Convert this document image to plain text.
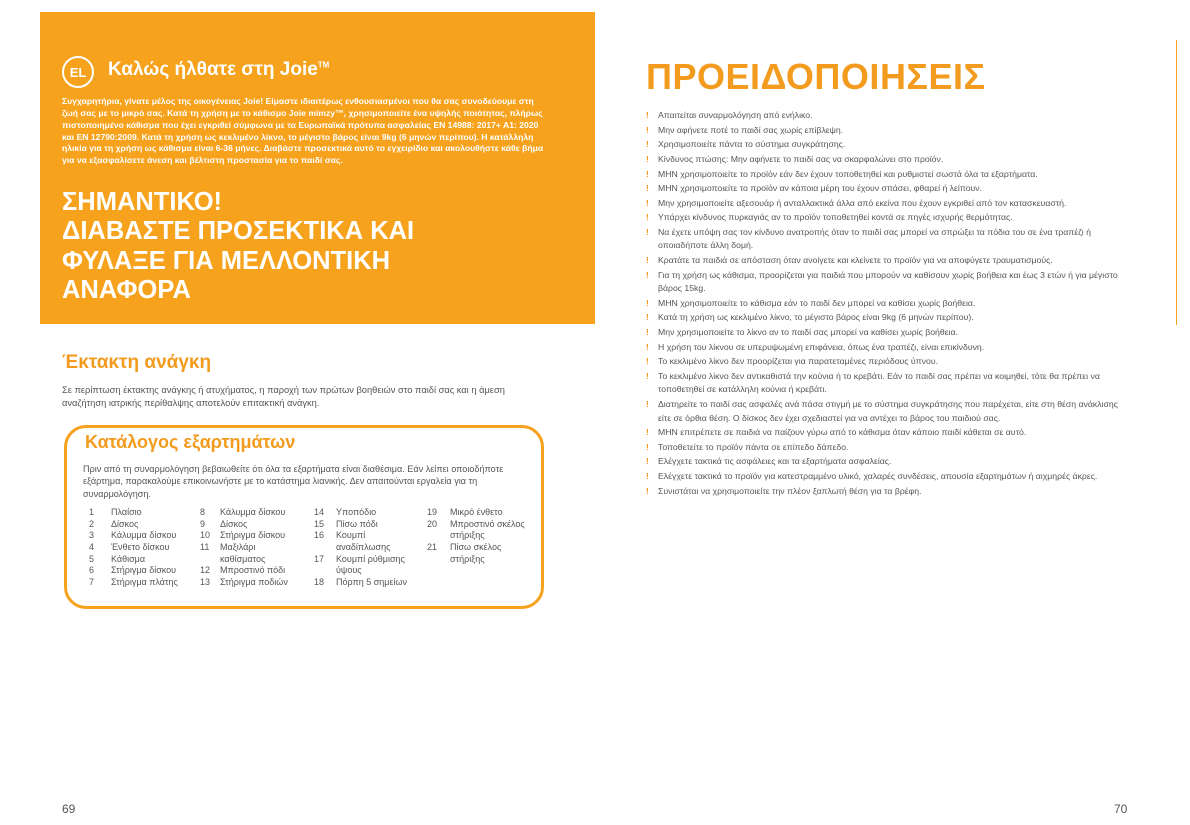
EL	Καλώς ήλθατε στη Joie™
Συγχαρητήρια, γίνατε μέλος της οικογένειας Joie! Είμαστε ιδιαιτέρως ενθουσιασμένοι που θα σας συνοδεύουμε στη ζωή σας με το μικρό σας. Κατά τη χρήση με το κάθισμο Joie mimzy™, χρησιμοποιείτε ένα υψηλής ποιότητας, πλήρως πιστοποιημένο κάθισμα που έχει εγκριθεί σύμφωνα με τα Ευρωπαϊκά πρότυπα ασφαλείας EN 14988: 2017+ A1: 2020 και EN 12790:2009. Κατά τη χρήση ως κεκλιμένο λίκνο, το μέγιστο βάρος είναι 9kg (6 μηνών περίπου). Η κατάλληλη ηλικία για τη χρήση ως κάθισμα είναι 6-36 μήνες. Διαβάστε προσεκτικά αυτό το εγχειρίδιο και ακολουθήστε κάθε βήμα για να εξασφαλίσετε άνεση και βέλτιστη προστασία για το παιδί σας.
ΣΗΜΑΝΤΙΚΟ!
ΔΙΑΒΑΣΤΕ ΠΡΟΣΕΚΤΙΚΑ ΚΑΙ
ΦΥΛΑΞΕ ΓΙΑ ΜΕΛΛΟΝΤΙΚΗ
ΑΝΑΦΟΡΑ
Έκτακτη ανάγκη
Σε περίπτωση έκτακτης ανάγκης ή ατυχήματος, η παροχή των πρώτων βοηθειών στο παιδί σας και η άμεση αναζήτηση ιατρικής περίθαλψης αποτελούν επιτακτική ανάγκη.
Κατάλογος εξαρτημάτων
Πριν από τη συναρμολόγηση βεβαιωθείτε ότι όλα τα εξαρτήματα είναι διαθέσιμα. Εάν λείπει οποιοδήποτε εξάρτημα, παρακαλούμε επικοινωνήστε με το κατάστημα λιανικής. Δεν απαιτούνται εργαλεία για τη συναρμολόγηση.
1	Πλαίσιο
2	Δίσκος
3	Κάλυμμα δίσκου
4	Ένθετο δίσκου
5	Κάθισμα
6	Στήριγμα δίσκου
7	Στήριγμα πλάτης
8	Κάλυμμα δίσκου
9	Δίσκος
10	Στήριγμα δίσκου
11	Μαξιλάρι
καθίσματος
12	Μπροστινό πόδι
13	Στήριγμα ποδιών
14	Υποπόδιο
15	Πίσω πόδι
16	Κουμπί
αναδίπλωσης
17	Κουμπί ρύθμισης
ύψους
18	Πόρπη 5 σημείων
19	Μικρό ένθετο
20	Μπροστινό σκέλος
στήριξης
21	Πίσω σκέλος
στήριξης
69
ΠΡΟΕΙΔΟΠΟΙΗΣΕΙΣ
!	Απαιτείται συναρμολόγηση από ενήλικο.
!	Μην αφήνετε ποτέ το παιδί σας χωρίς επίβλεψη.
!	Χρησιμοποιείτε πάντα το σύστημα συγκράτησης.
!	Κίνδυνος πτώσης: Μην αφήνετε το παιδί σας να σκαρφαλώνει στο προϊόν.
!	ΜΗΝ χρησιμοποιείτε το προϊόν εάν δεν έχουν τοποθετηθεί και ρυθμιστεί σωστά όλα τα εξαρτήματα.
!	ΜΗΝ χρησιμοποιείτε το προϊόν αν κάποια μέρη του έχουν σπάσει, φθαρεί ή λείπουν.
!	Μην χρησιμοποιείτε αξεσουάρ ή ανταλλακτικά άλλα από εκείνα που έχουν εγκριθεί από τον κατασκευαστή.
!	Υπάρχει κίνδυνος πυρκαγιάς αν το προϊόν τοποθετηθεί κοντά σε πηγές ισχυρής θερμότητας.
!	Να έχετε υπόψη σας τον κίνδυνο ανατροπής όταν το παιδί σας μπορεί να σπρώξει τα πόδια του σε ένα τραπέζι ή οποιαδήποτε άλλη δομή.
!	Κρατάτε τα παιδιά σε απόσταση όταν ανοίγετε και κλείνετε το προϊόν για να αποφύγετε τραυματισμούς.
!	Για τη χρήση ως κάθισμα, προορίζεται για παιδιά που μπορούν να καθίσουν χωρίς βοήθεια και έως 3 ετών ή για μέγιστο βάρος 15kg.
!	ΜΗΝ χρησιμοποιείτε το κάθισμα εάν το παιδί δεν μπορεί να καθίσει χωρίς βοήθεια.
!	Κατά τη χρήση ως κεκλιμένο λίκνο, το μέγιστο βάρος είναι 9kg (6 μηνών περίπου).
!	Μην χρησιμοποιείτε το λίκνο αν το παιδί σας μπορεί να καθίσει χωρίς βοήθεια.
!	Η χρήση του λίκνου σε υπερυψωμένη επιφάνεια, όπως ένα τραπέζι, είναι επικίνδυνη.
!	Το κεκλιμένο λίκνο δεν προορίζεται για παρατεταμένες περιόδους ύπνου.
!	Το κεκλιμένο λίκνο δεν αντικαθιστά την κούνια ή το κρεβάτι. Εάν το παιδί σας πρέπει να κοιμηθεί, τότε θα πρέπει να τοποθετηθεί σε κατάλληλη κούνια ή κρεβάτι.
!	Διατηρείτε το παιδί σας ασφαλές ανά πάσα στιγμή με το σύστημα συγκράτησης που παρέχεται, είτε στη θέση ανάκλισης είτε σε όρθια θέση. Ο δίσκος δεν έχει σχεδιαστεί για να αντέχει το βάρος του παιδιού σας.
!	ΜΗΝ επιτρέπετε σε παιδιά να παίζουν γύρω από το κάθισμα όταν κάποιο παιδί κάθεται σε αυτό.
!	Τοποθετείτε το προϊόν πάντα σε επίπεδο δάπεδο.
!	Ελέγχετε τακτικά τις ασφάλειες και τα εξαρτήματα ασφαλείας.
!	Ελέγχετε τακτικά το προϊόν για κατεστραμμένο υλικό, χαλαρές συνδέσεις, απουσία εξαρτημάτων ή αιχμηρές άκρες.
!	Συνιστάται να χρησιμοποιείτε την πλέον ξαπλωτή θέση για τα βρέφη.
70
